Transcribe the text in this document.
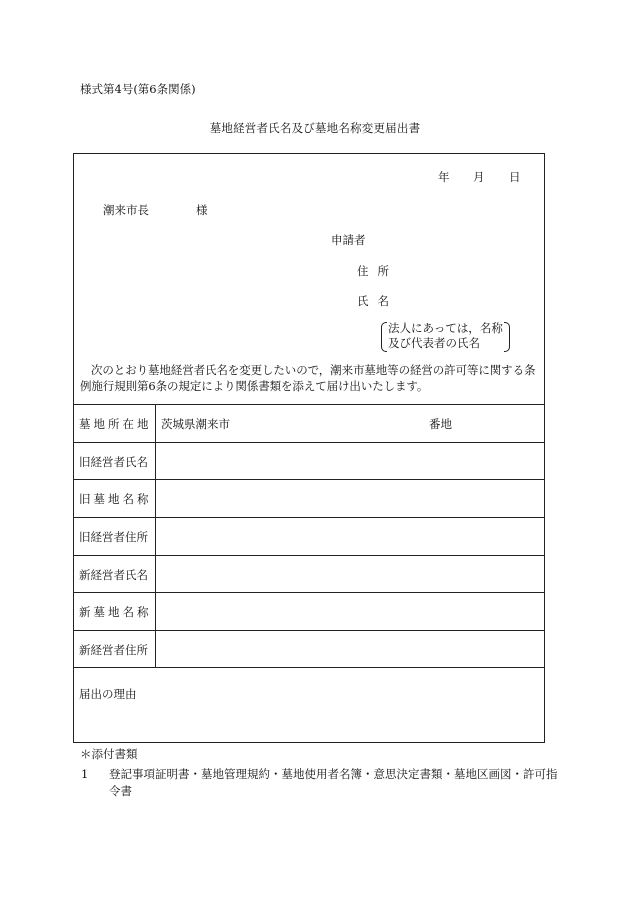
様式第4号(第6条関係)
墓地経営者氏名及び墓地名称変更届出書
年 月 日
潮来市長	様
申請者
住所
氏名
法人にあっては，名称
及び代表者の氏名
次のとおり墓地経営者氏名を変更したいので，潮来市墓地等の経営の許可等に関する条例施行規則第6条の規定により関係書類を添えて届け出いたします。
墓地所在地 茨城県潮来市	番地
旧経営者氏名
旧墓地名称
旧経営者住所
新経営者氏名
新墓地名称
新経営者住所
届出の理由
＊添付書類
1 登記事項証明書・墓地管理規約・墓地使用者名簿・意思決定書類・墓地区画図・許可指令書
